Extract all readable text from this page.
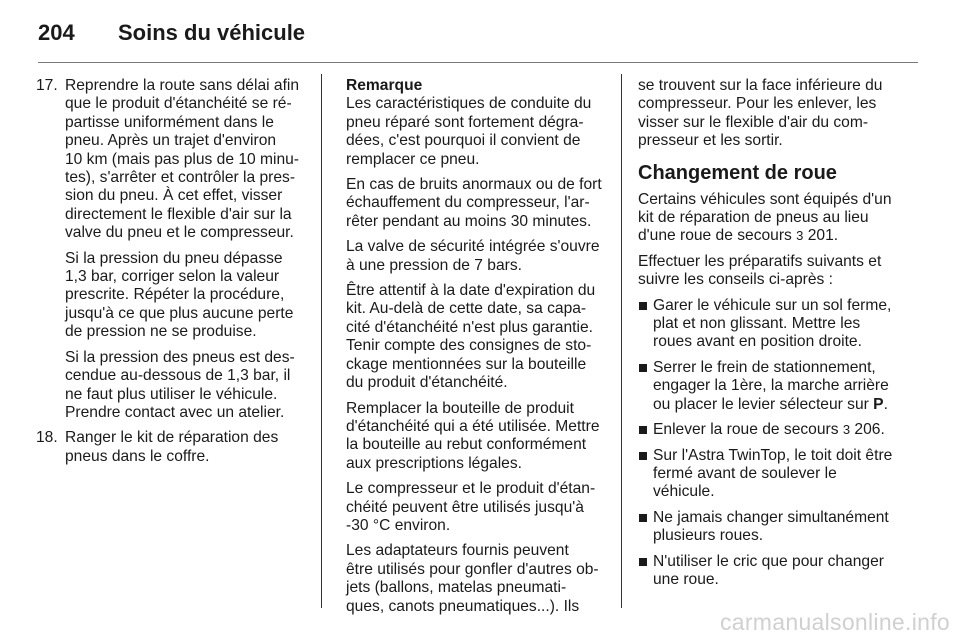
204 Soins du véhicule
17. Reprendre la route sans délai afin
que le produit d'étanchéité se ré-
partisse uniformément dans le
pneu. Après un trajet d'environ
10 km (mais pas plus de 10 minu-
tes), s'arrêter et contrôler la pres-
sion du pneu. À cet effet, visser
directement le flexible d'air sur la
valve du pneu et le compresseur.
Si la pression du pneu dépasse
1,3 bar, corriger selon la valeur
prescrite. Répéter la procédure,
jusqu'à ce que plus aucune perte
de pression ne se produise.
Si la pression des pneus est des-
cendue au-dessous de 1,3 bar, il
ne faut plus utiliser le véhicule.
Prendre contact avec un atelier.
18. Ranger le kit de réparation des
pneus dans le coffre.
Remarque

Les caractéristiques de conduite du
pneu réparé sont fortement dégra-
dées, c'est pourquoi il convient de
remplacer ce pneu.

En cas de bruits anormaux ou de fort
échauffement du compresseur, l'ar-
rêter pendant au moins 30 minutes.

La valve de sécurité intégrée s'ouvre
à une pression de 7 bars.

Être attentif à la date d'expiration du
kit. Au-delà de cette date, sa capa-
cité d'étanchéité n'est plus garantie.
Tenir compte des consignes de sto-
ckage mentionnées sur la bouteille
du produit d'étanchéité.

Remplacer la bouteille de produit
d'étanchéité qui a été utilisée. Mettre
la bouteille au rebut conformément
aux prescriptions légales.

Le compresseur et le produit d'étan-
chéité peuvent être utilisés jusqu'à
-30 °C environ.

Les adaptateurs fournis peuvent
être utilisés pour gonfler d'autres ob-
jets (ballons, matelas pneumati-
ques, canots pneumatiques...). Ils

se trouvent sur la face inférieure du
compresseur. Pour les enlever, les
visser sur le flexible d'air du com-
presseur et les sortir.

Changement de roue

Certains véhicules sont équipés d'un
kit de réparation de pneus au lieu
d'une roue de secours 3 201.

Effectuer les préparatifs suivants et
suivre les conseils ci-après :

Garer le véhicule sur un sol ferme,
plat et non glissant. Mettre les
roues avant en position droite.
Serrer le frein de stationnement,
engager la 1ère, la marche arrière
ou placer le levier sélecteur sur P.
Enlever la roue de secours 3 206.
Sur l'Astra TwinTop, le toit doit être
fermé avant de soulever le
véhicule.
Ne jamais changer simultanément
plusieurs roues.
N'utiliser le cric que pour changer
une roue.
carmanualsonline.info
